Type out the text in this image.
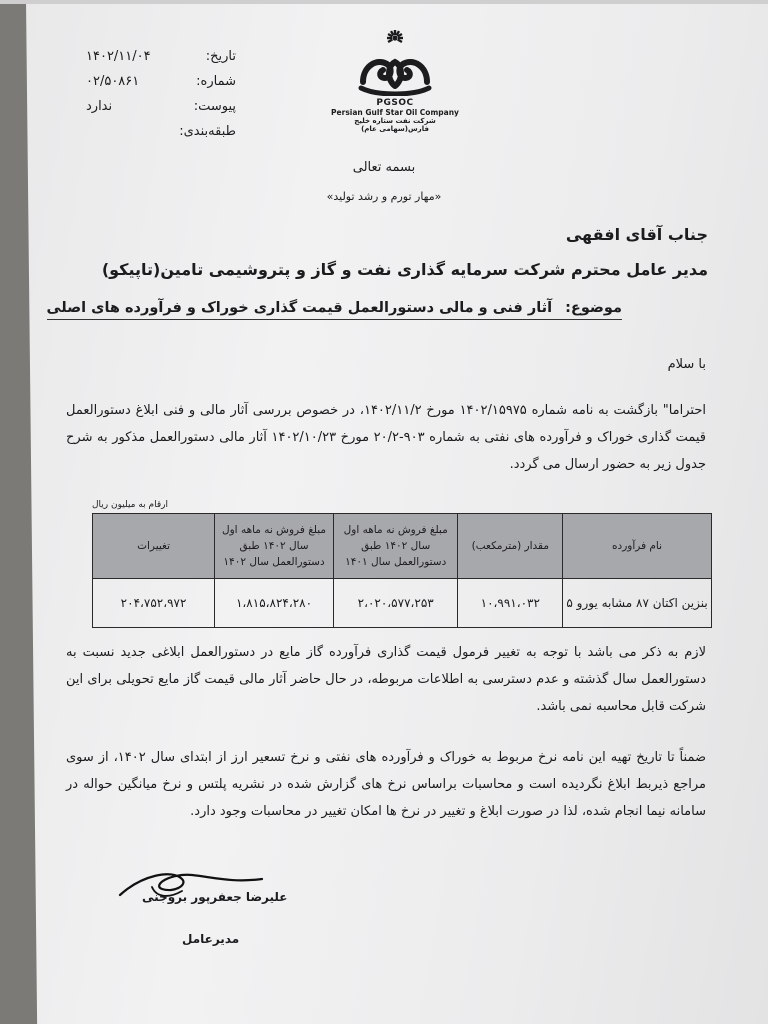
تاریخ:
۱۴۰۲/۱۱/۰۴
شماره:
۰۲/۵۰۸۶۱
پیوست:
ندارد
طبقه‌بندی:
PGSOC
Persian Gulf Star Oil Company
شرکت نفت ستاره خلیج فارس(سهامی عام)
بسمه تعالی
«مهار تورم و رشد تولید»
جناب آقای افقهی
مدیر عامل محترم شرکت سرمایه گذاری نفت و گاز و پتروشیمی تامین(تاپیکو)
موضوع: آثار فنی و مالی دستورالعمل قیمت گذاری خوراک و فرآورده های اصلی
با سلام
احتراما" بازگشت به نامه شماره ۱۴۰۲/۱۵۹۷۵ مورخ ۱۴۰۲/۱۱/۲، در خصوص بررسی آثار مالی و فنی ابلاغ دستورالعمل قیمت گذاری خوراک و فرآورده های نفتی به شماره ۹۰۳-۲۰/۲ مورخ ۱۴۰۲/۱۰/۲۳ آثار مالی دستورالعمل مذکور به شرح جدول زیر به حضور ارسال می گردد.
ارقام به میلیون ریال
نام فرآورده	مقدار (مترمکعب)	مبلغ فروش نه ماهه اول سال ۱۴۰۲ طبق دستورالعمل سال ۱۴۰۱	مبلغ فروش نه ماهه اول سال ۱۴۰۲ طبق دستورالعمل سال ۱۴۰۲	تغییرات
بنزین اکتان ۸۷ مشابه یورو ۵	۱۰،۹۹۱،۰۳۲	۲،۰۲۰،۵۷۷،۲۵۳	۱،۸۱۵،۸۲۴،۲۸۰	۲۰۴،۷۵۲،۹۷۲
لازم به ذکر می باشد با توجه به تغییر فرمول قیمت گذاری فرآورده گاز مایع در دستورالعمل ابلاغی جدید نسبت به دستورالعمل سال گذشته و عدم دسترسی به اطلاعات مربوطه، در حال حاضر آثار مالی قیمت گاز مایع تحویلی برای این شرکت قابل محاسبه نمی باشد.
ضمناً تا تاریخ تهیه این نامه نرخ مربوط به خوراک و فرآورده های نفتی و نرخ تسعیر ارز از ابتدای سال ۱۴۰۲، از سوی مراجع ذیربط ابلاغ نگردیده است و محاسبات براساس نرخ های گزارش شده در نشریه پلتس و نرخ میانگین حواله در سامانه نیما انجام شده، لذا در صورت ابلاغ و تغییر در نرخ ها امکان تغییر در محاسبات وجود دارد.
علیرضا جعفرپور بروجنی
مدیرعامل
